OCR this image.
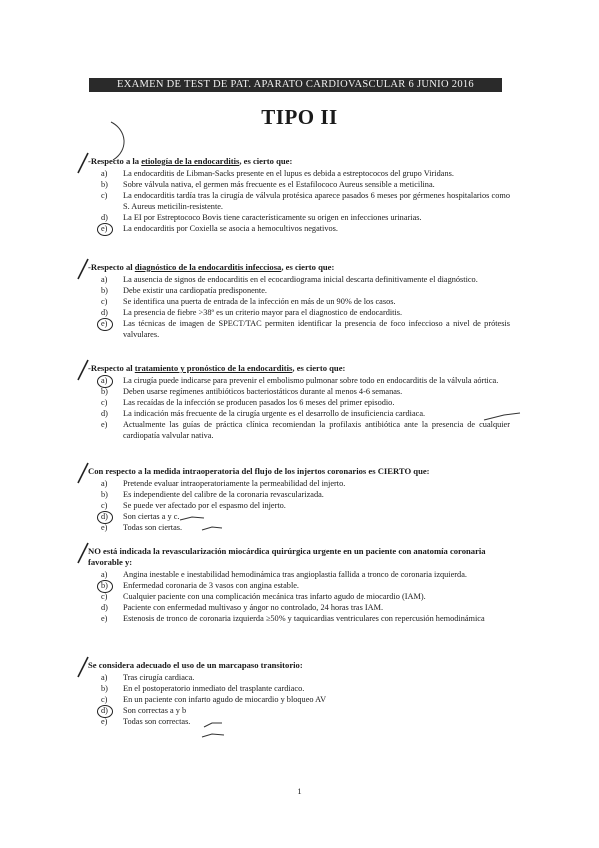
EXAMEN DE TEST DE PAT. APARATO CARDIOVASCULAR 6 JUNIO 2016
TIPO II
-Respecto a la etiología de la endocarditis, es cierto que:
a) La endocarditis de Libman-Sacks presente en el lupus es debida a estreptococos del grupo Viridans.
b) Sobre válvula nativa, el germen más frecuente es el Estafilococo Aureus sensible a meticilina.
c) La endocarditis tardía tras la cirugía de válvula protésica aparece pasados 6 meses por gérmenes hospitalarios como S. Aureus meticilin-resistente.
d) La EI por Estreptococo Bovis tiene característicamente su origen en infecciones urinarias.
e) La endocarditis por Coxiella se asocia a hemocultivos negativos.
-Respecto al diagnóstico de la endocarditis infecciosa, es cierto que:
a) La ausencia de signos de endocarditis en el ecocardiograma inicial descarta definitivamente el diagnóstico.
b) Debe existir una cardiopatía predisponente.
c) Se identifica una puerta de entrada de la infección en más de un 90% de los casos.
d) La presencia de fiebre >38º es un criterio mayor para el diagnostico de endocarditis.
e) Las técnicas de imagen de SPECT/TAC permiten identificar la presencia de foco infeccioso a nivel de prótesis valvulares.
-Respecto al tratamiento y pronóstico de la endocarditis, es cierto que:
a) La cirugía puede indicarse para prevenir el embolismo pulmonar sobre todo en endocarditis de la válvula aórtica.
b) Deben usarse regímenes antibióticos bacteriostáticos durante al menos 4-6 semanas.
c) Las recaídas de la infección se producen pasados los 6 meses del primer episodio.
d) La indicación más frecuente de la cirugía urgente es el desarrollo de insuficiencia cardiaca.
e) Actualmente las guías de práctica clínica recomiendan la profilaxis antibiótica ante la presencia de cualquier cardiopatía valvular nativa.
Con respecto a la medida intraoperatoria del flujo de los injertos coronarios es CIERTO que:
a) Pretende evaluar intraoperatoriamente la permeabilidad del injerto.
b) Es independiente del calibre de la coronaria revascularizada.
c) Se puede ver afectado por el espasmo del injerto.
d) Son ciertas a y c.
e) Todas son ciertas.
NO está indicada la revascularización miocárdica quirúrgica urgente en un paciente con anatomía coronaria favorable y:
a) Angina inestable e inestabilidad hemodinámica tras angioplastia fallida a tronco de coronaria izquierda.
b) Enfermedad coronaria de 3 vasos con angina estable.
c) Cualquier paciente con una complicación mecánica tras infarto agudo de miocardio (IAM).
d) Paciente con enfermedad multivaso y ángor no controlado, 24 horas tras IAM.
e) Estenosis de tronco de coronaria izquierda ≥50% y taquicardias ventriculares con repercusión hemodinámica
Se considera adecuado el uso de un marcapaso transitorio:
a) Tras cirugía cardiaca.
b) En el postoperatorio inmediato del trasplante cardiaco.
c) En un paciente con infarto agudo de miocardio y bloqueo AV
d) Son correctas a y b
e) Todas son correctas.
1
